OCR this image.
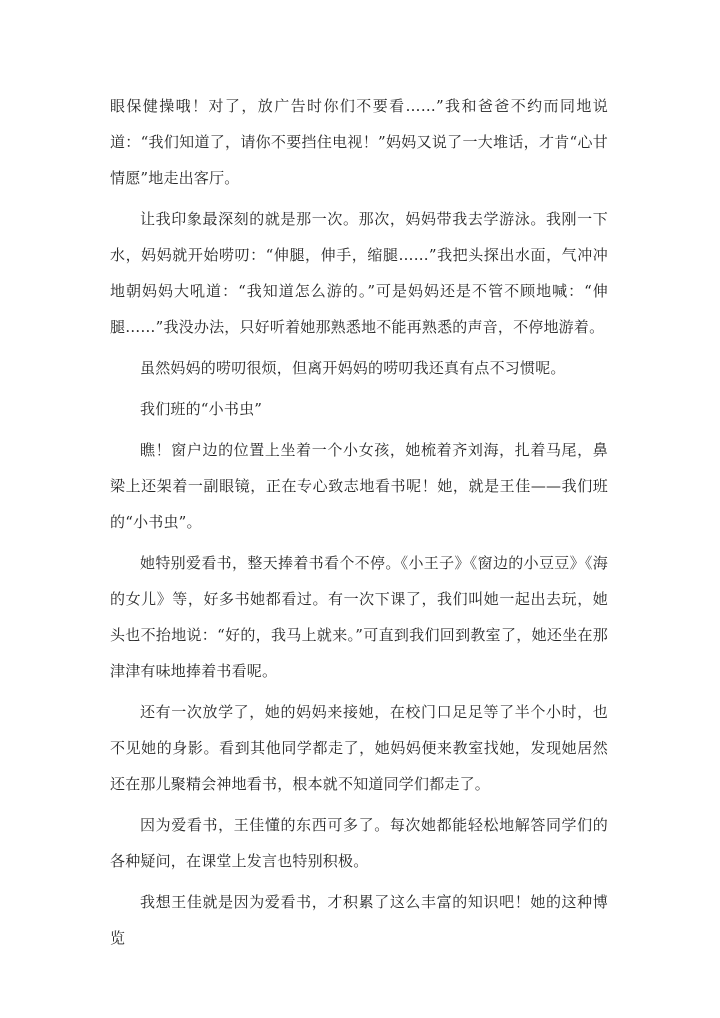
眼保健操哦！对了，放广告时你们不要看……”我和爸爸不约而同地说道：“我们知道了，请你不要挡住电视！”妈妈又说了一大堆话，才肯“心甘情愿”地走出客厅。

让我印象最深刻的就是那一次。那次，妈妈带我去学游泳。我刚一下水，妈妈就开始唠叨：“伸腿，伸手，缩腿……”我把头探出水面，气冲冲地朝妈妈大吼道：“我知道怎么游的。”可是妈妈还是不管不顾地喊：“伸腿……”我没办法，只好听着她那熟悉地不能再熟悉的声音，不停地游着。

虽然妈妈的唠叨很烦，但离开妈妈的唠叨我还真有点不习惯呢。

我们班的“小书虫”

瞧！窗户边的位置上坐着一个小女孩，她梳着齐刘海，扎着马尾，鼻梁上还架着一副眼镜，正在专心致志地看书呢！她，就是王佳——我们班的“小书虫”。

她特别爱看书，整天捧着书看个不停。《小王子》《窗边的小豆豆》《海的女儿》等，好多书她都看过。有一次下课了，我们叫她一起出去玩，她头也不抬地说：“好的，我马上就来。”可直到我们回到教室了，她还坐在那津津有味地捧着书看呢。

还有一次放学了，她的妈妈来接她，在校门口足足等了半个小时，也不见她的身影。看到其他同学都走了，她妈妈便来教室找她，发现她居然还在那儿聚精会神地看书，根本就不知道同学们都走了。

因为爱看书，王佳懂的东西可多了。每次她都能轻松地解答同学们的各种疑问，在课堂上发言也特别积极。

我想王佳就是因为爱看书，才积累了这么丰富的知识吧！她的这种博览
